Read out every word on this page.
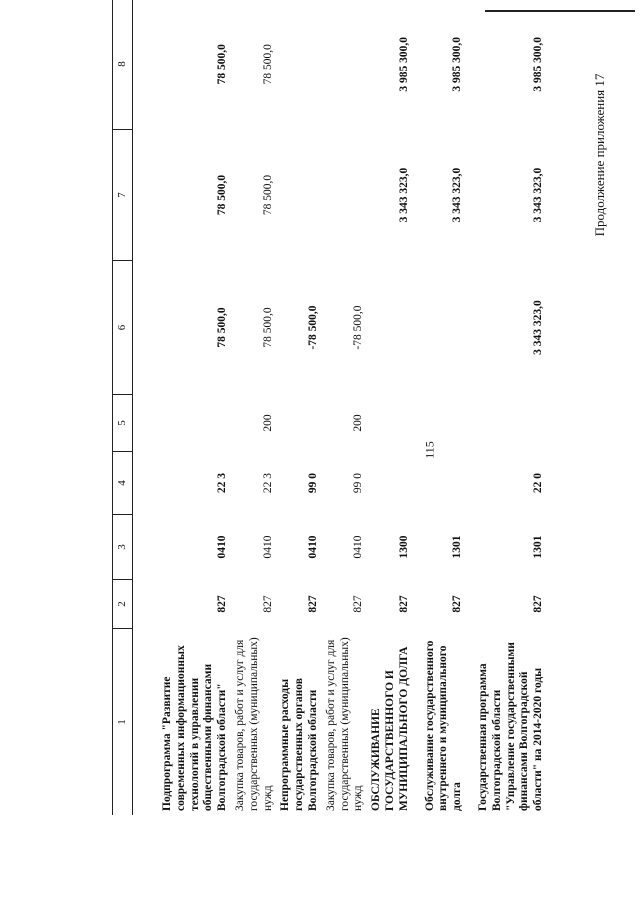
115
Продолжение приложения 17
1	2	3	4	5	6	7	8
Подпрограмма "Развитие современных информационных технологий в управлении общественными финансами Волгоградской области"	827	0410	22 3		78 500,0	78 500,0	78 500,0
Закупка товаров, работ и услуг для государственных (муниципальных) нужд	827	0410	22 3	200	78 500,0	78 500,0	78 500,0
Непрограммные расходы государственных органов Волгоградской области	827	0410	99 0		-78 500,0		
Закупка товаров, работ и услуг для государственных (муниципальных) нужд	827	0410	99 0	200	-78 500,0		
ОБСЛУЖИВАНИЕ ГОСУДАРСТВЕННОГО И МУНИЦИПАЛЬНОГО ДОЛГА	827	1300				3 343 323,0	3 985 300,0
Обслуживание государственного внутреннего и муниципального долга	827	1301				3 343 323,0	3 985 300,0
Государственная программа Волгоградской области "Управление государственными финансами Волгоградской области" на 2014-2020 годы	827	1301	22 0		3 343 323,0	3 343 323,0	3 985 300,0
